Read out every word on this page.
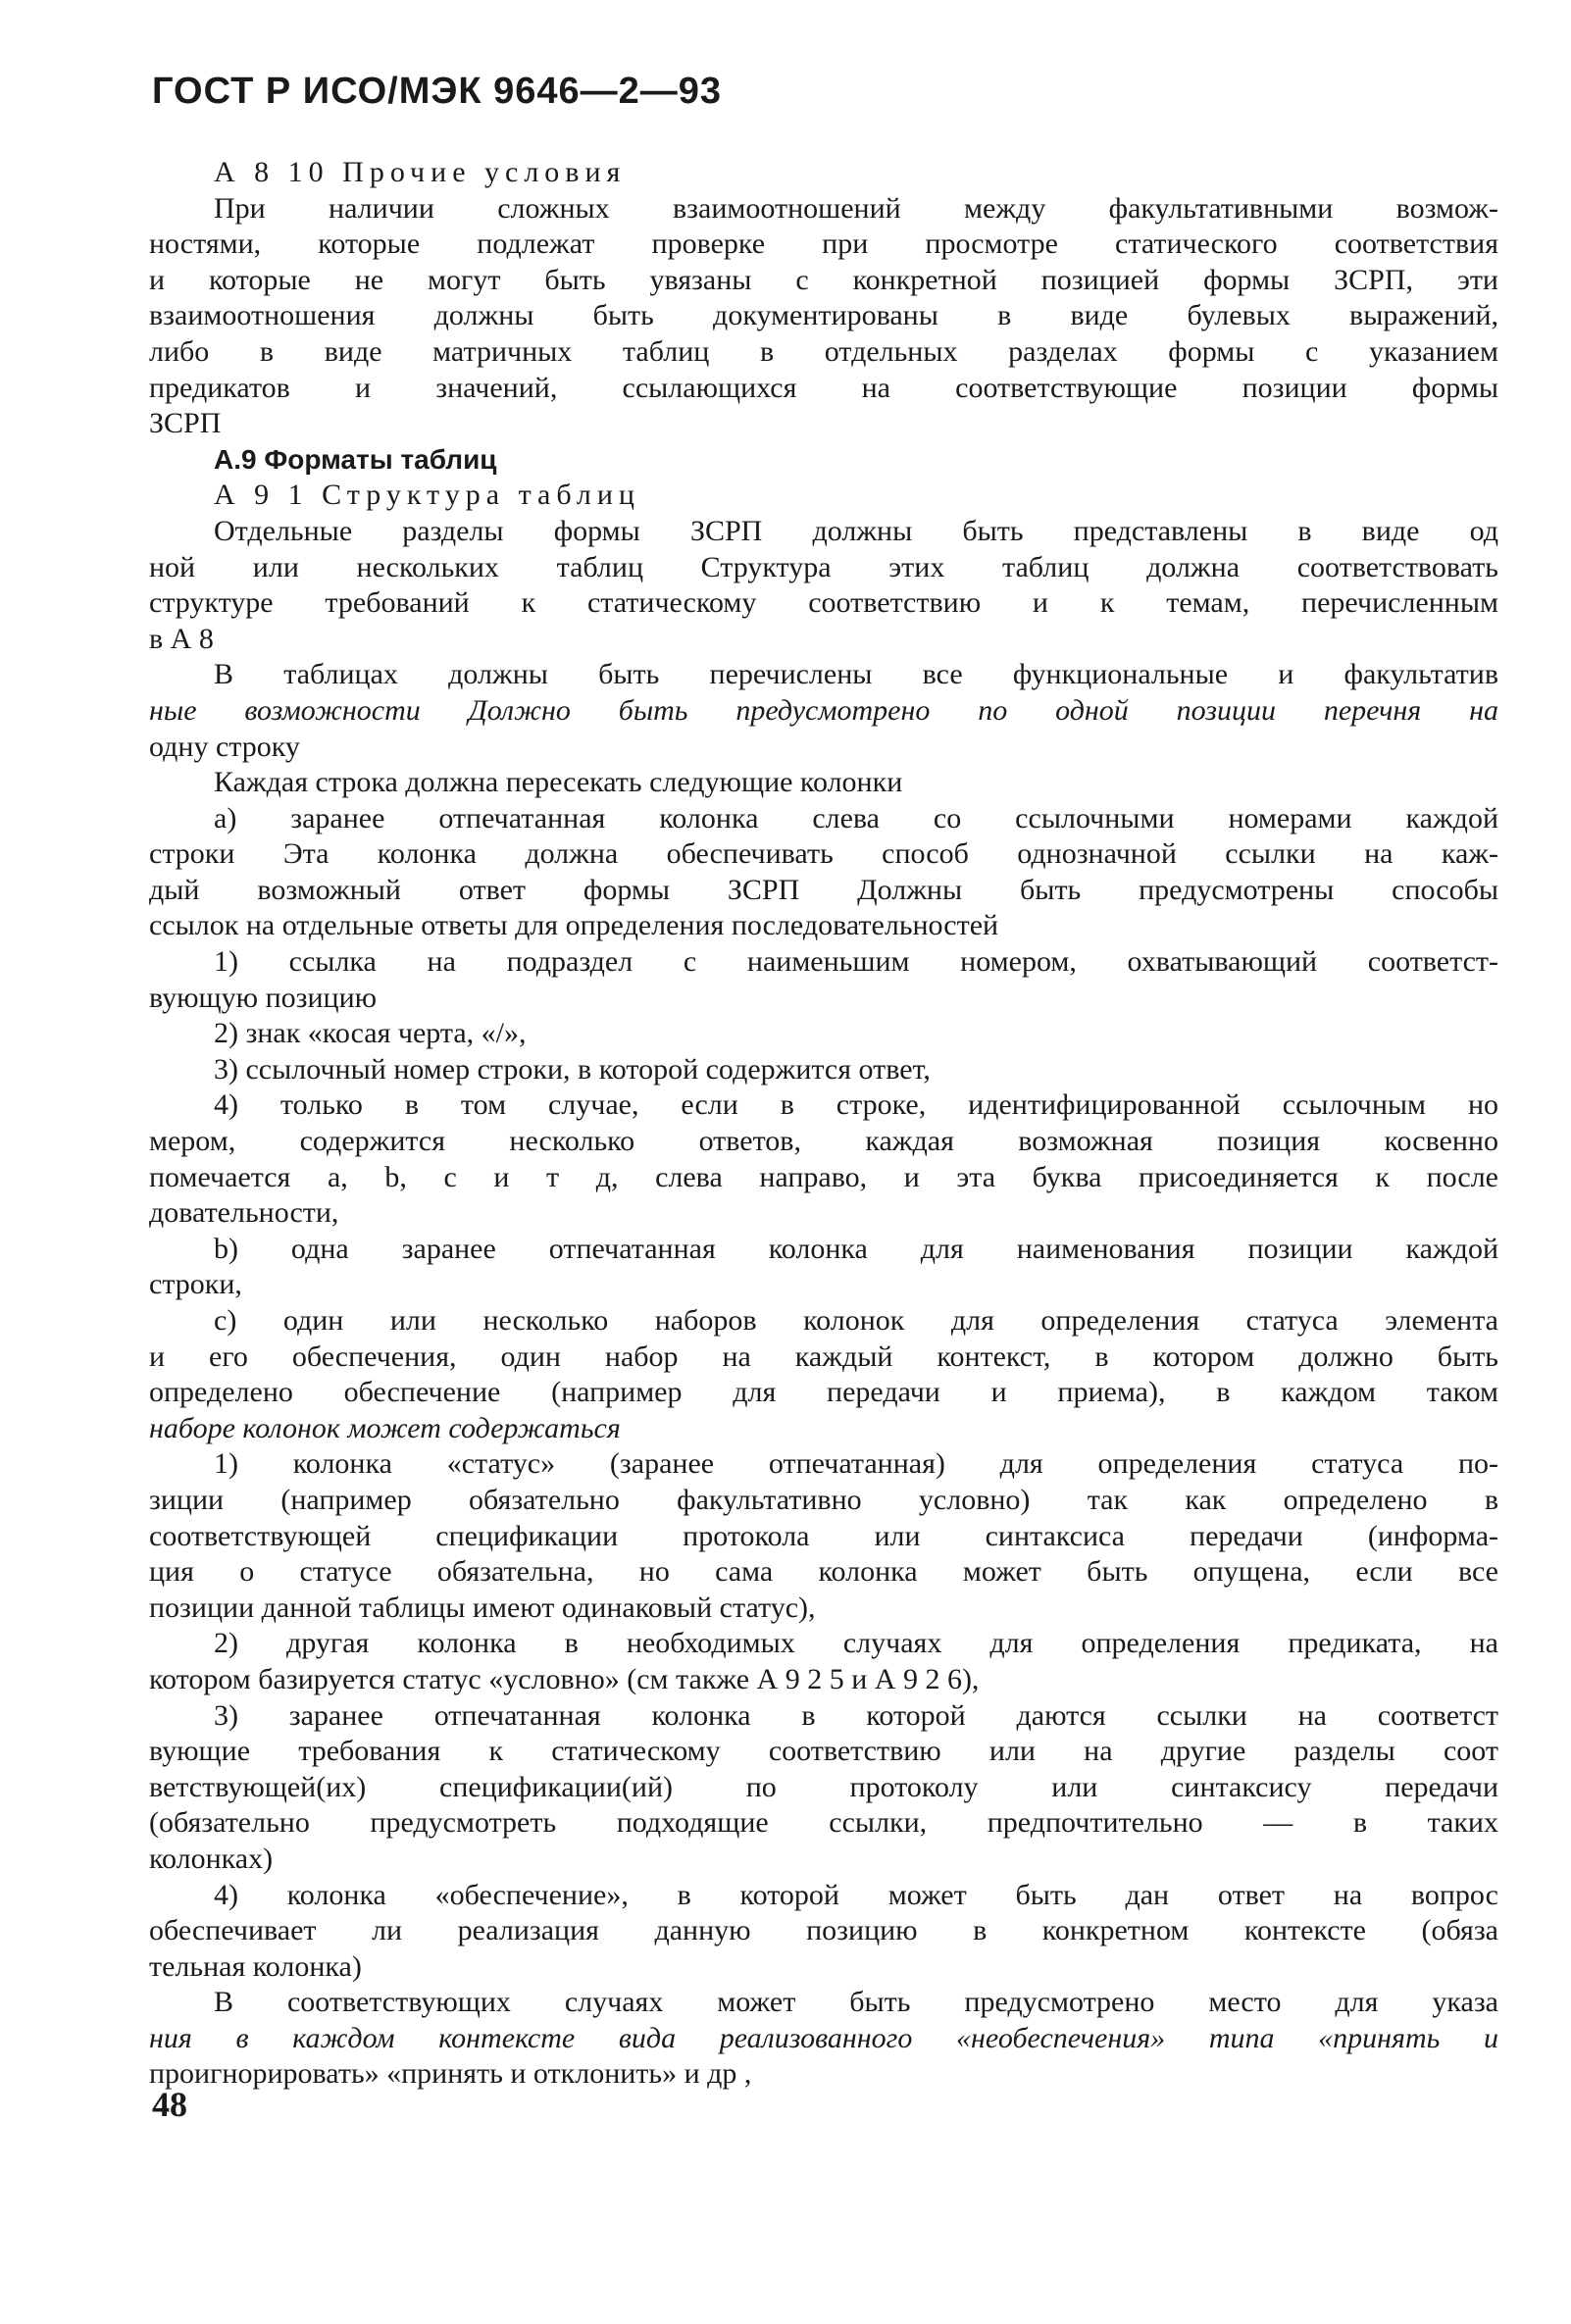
ГОСТ Р ИСО/МЭК 9646—2—93
А 8 10 Прочие условия
При наличии сложных взаимоотношений между факультативными возмож-
ностями, которые подлежат проверке при просмотре статического соответствия
и которые не могут быть увязаны с конкретной позицией формы ЗСРП, эти
взаимоотношения должны быть документированы в виде булевых выражений,
либо в виде матричных таблиц в отдельных разделах формы с указанием
предикатов и значений, ссылающихся на соответствующие позиции формы
ЗСРП
А.9 Форматы таблиц
А 9 1 Структура таблиц
Отдельные разделы формы ЗСРП должны быть представлены в виде од
ной или нескольких таблиц Структура этих таблиц должна соответствовать
структуре требований к статическому соответствию и к темам, перечисленным
в А 8
В таблицах должны быть перечислены все функциональные и факультатив
ные возможности Должно быть предусмотрено по одной позиции перечня на
одну строку
Каждая строка должна пересекать следующие колонки
а) заранее отпечатанная колонка слева со ссылочными номерами каждой
строки Эта колонка должна обеспечивать способ однозначной ссылки на каж-
дый возможный ответ формы ЗСРП Должны быть предусмотрены способы
ссылок на отдельные ответы для определения последовательностей
1) ссылка на подраздел с наименьшим номером, охватывающий соответст-
вующую позицию
2) знак «косая черта, «/»,
3) ссылочный номер строки, в которой содержится ответ,
4) только в том случае, если в строке, идентифицированной ссылочным но
мером, содержится несколько ответов, каждая возможная позиция косвенно
помечается а, b, с и т д, слева направо, и эта буква присоединяется к после
довательности,
b) одна заранее отпечатанная колонка для наименования позиции каждой
строки,
с) один или несколько наборов колонок для определения статуса элемента
и его обеспечения, один набор на каждый контекст, в котором должно быть
определено обеспечение (например для передачи и приема), в каждом таком
наборе колонок может содержаться
1) колонка «статус» (заранее отпечатанная) для определения статуса по-
зиции (например обязательно факультативно условно) так как определено в
соответствующей спецификации протокола или синтаксиса передачи (информа-
ция о статусе обязательна, но сама колонка может быть опущена, если все
позиции данной таблицы имеют одинаковый статус),
2) другая колонка в необходимых случаях для определения предиката, на
котором базируется статус «условно» (см также А 9 2 5 и А 9 2 6),
3) заранее отпечатанная колонка в которой даются ссылки на соответст
вующие требования к статическому соответствию или на другие разделы соот
ветствующей(их) спецификации(ий) по протоколу или синтаксису передачи
(обязательно предусмотреть подходящие ссылки, предпочтительно — в таких
колонках)
4) колонка «обеспечение», в которой может быть дан ответ на вопрос
обеспечивает ли реализация данную позицию в конкретном контексте (обяза
тельная колонка)
В соответствующих случаях может быть предусмотрено место для указа
ния в каждом контексте вида реализованного «необеспечения» типа «принять и
проигнорировать» «принять и отклонить» и др ,
48
